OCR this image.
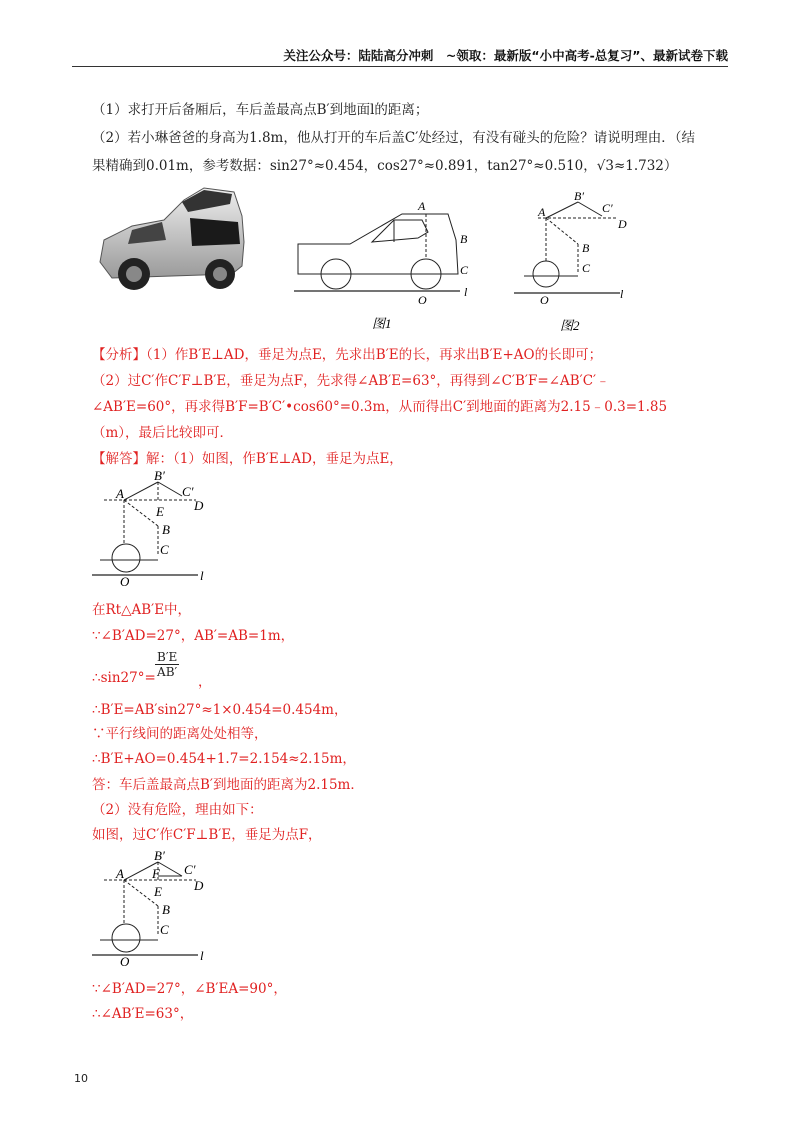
关注公众号：陆陆高分冲刺　~领取：最新版“小中高考-总复习”、最新试卷下载
（1）求打开后备厢后，车后盖最高点B′到地面l的距离；
（2）若小琳爸爸的身高为1.8m，他从打开的车后盖C′处经过，有没有碰头的危险？请说明理由．（结
果精确到0.01m，参考数据：sin27°≈0.454，cos27°≈0.891，tan27°≈0.510，√3≈1.732）
A
B
C
O
l
图1
A
B′
C′
D
B
C
O	l
图2
【分析】（1）作B′E⊥AD，垂足为点E，先求出B′E的长，再求出B′E+AO的长即可；
（2）过C′作C′F⊥B′E，垂足为点F，先求得∠AB′E=63°，再得到∠C′B′F=∠AB′C′﹣
∠AB′E=60°，再求得B′F=B′C′•cos60°=0.3m，从而得出C′到地面的距离为2.15﹣0.3=1.85
（m），最后比较即可．
【解答】解：（1）如图，作B′E⊥AD，垂足为点E，
A
B′
C′
D
E
B
C
O	l
在Rt△AB′E中，
∵∠B′AD=27°，AB′=AB=1m，
∴sin27°= $\frac{B'E}{AB'}$
，
∴B′E=AB′sin27°≈1×0.454=0.454m，
∵平行线间的距离处处相等，
∴B′E+AO=0.454+1.7=2.154≈2.15m，
答：车后盖最高点B′到地面的距离为2.15m．
（2）没有危险，理由如下：
如图，过C′作C′F⊥B′E，垂足为点F，
A
B′
C′
D
F
E
B
C
O	l
∵∠B′AD=27°，∠B′EA=90°，
∴∠AB′E=63°，
10
